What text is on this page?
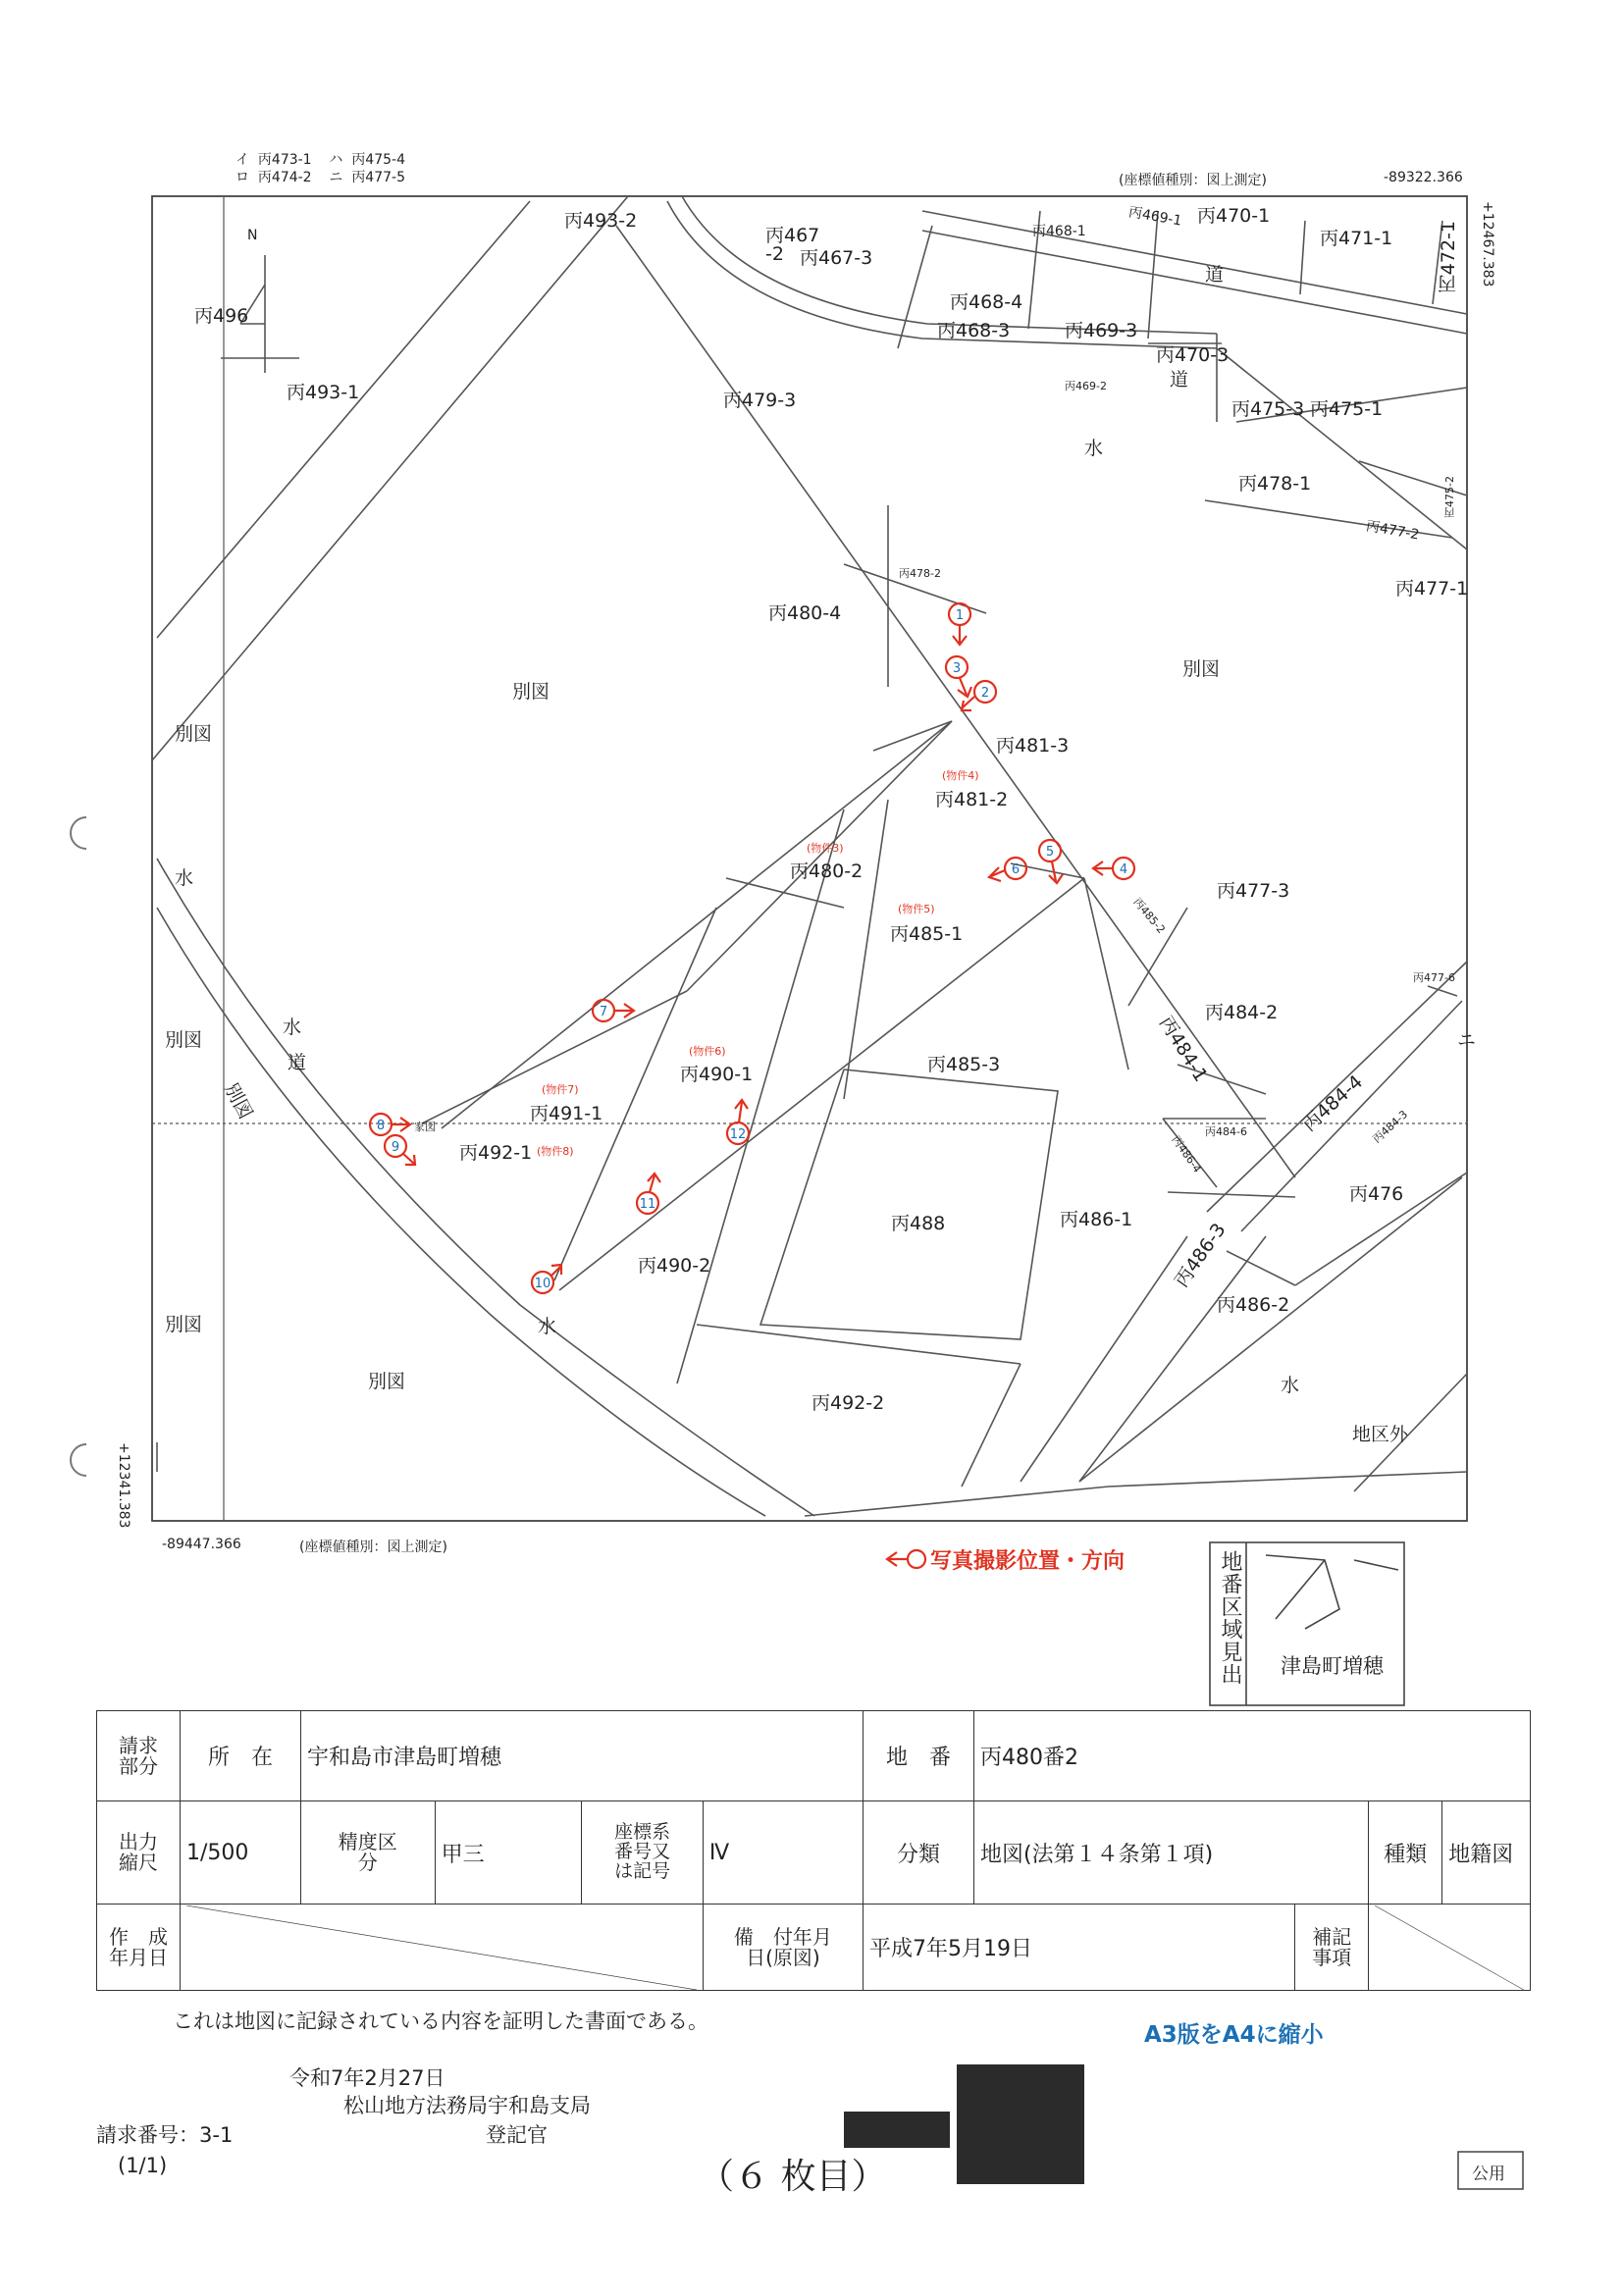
1
2
3
4
5
6
7
8
9
10
11
12
イ 丙473-1 ハ 丙475-4
ロ 丙474-2 ニ 丙477-5	(座標値種別：図上測定)	-89322.366
+12467.383
N
丙493-2
丙467
-2 丙467-3
丙468-1
丙469-1 丙470-1
丙471-1 丙472-1
道
丙468-4
丙468-3	丙469-3
丙470-3
道
丙469-2
水
丙496
丙493-1	丙479-3	丙475-3 丙475-1
丙478-1
丙477-2
丙475-2
丙477-1
丙478-2
丙480-4
別図
別図
別図
丙481-3
(物件4)
丙481-2
(物件3)
丙480-2
水
丙477-3
(物件5)
丙485-1	丙485-2
丙477-6
丙484-2
ニ
別図
水
道	丙484-1
丙485-3
(物件6)
丙490-1
(物件7)
丙491-1
別図	丙484-4 丙484-3
丙484-6
丙486-4
家図
丙492-1 (物件8)
丙476
丙488	丙486-1 丙486-3
丙490-2
丙486-2
別図	水
別図	水
丙492-2
地区外
+12341.383
-89447.366	(座標値種別：図上測定)
写真撮影位置・方向	地番区域見出 津島町増穂
請求部分	所　在	宇和島市津島町増穂				地　番	丙480番2			
出力縮尺	1/500	精度区分	甲三	座標系番号又は記号	Ⅳ	分類	地図(法第１４条第１項)		種類	地籍図
作　成年月日					備　付年月日(原図)	平成7年5月19日		補記事項	
これは地図に記録されている内容を証明した書面である。
A3版をA4に縮小
令和7年2月27日
松山地方法務局宇和島支局
登記官
請求番号：3-1
(1/1)	（６ 枚目）	公用
